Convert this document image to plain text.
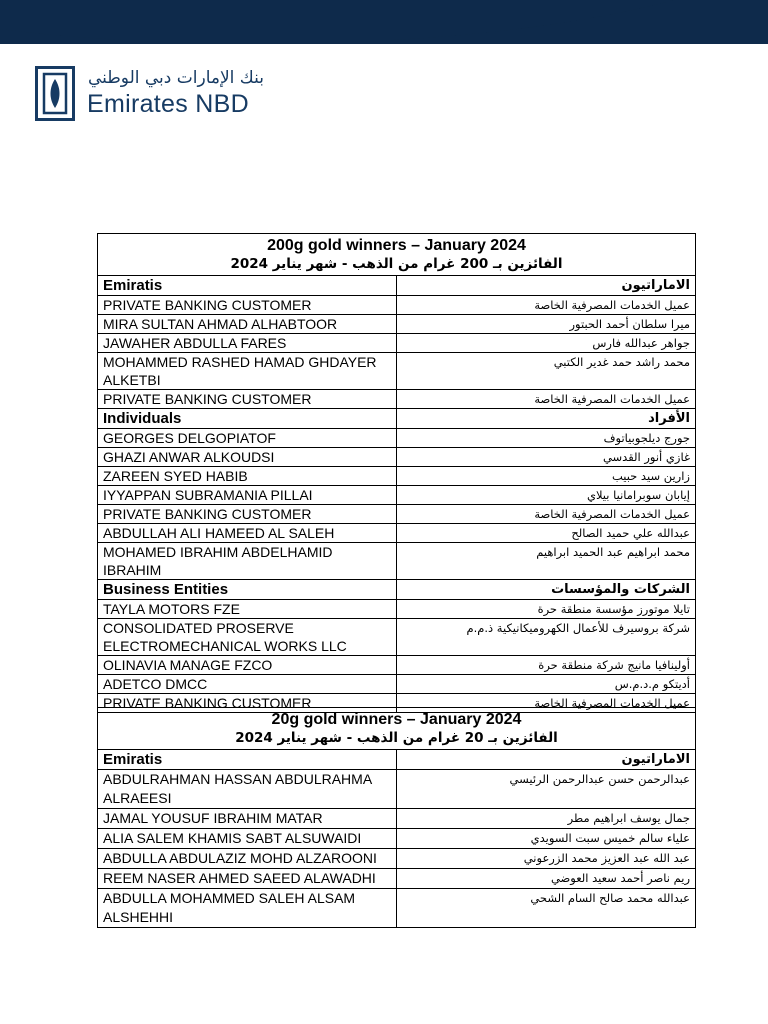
بنك الإمارات دبي الوطني
Emirates NBD
200g gold winners – January 2024
الفائزين بـ 200 غرام من الذهب - شهر يناير 2024	

Emiratis	الاماراتيون
PRIVATE BANKING CUSTOMER	عميل الخدمات المصرفية الخاصة
MIRA SULTAN AHMAD ALHABTOOR	ميرا سلطان أحمد الحبتور
JAWAHER ABDULLA FARES	جواهر عبدالله فارس
MOHAMMED RASHED HAMAD GHDAYER ALKETBI	محمد راشد حمد غدير الكتبي
PRIVATE BANKING CUSTOMER	عميل الخدمات المصرفية الخاصة
Individuals	الأفراد
GEORGES DELGOPIATOF	جورج ديلجوبياتوف
GHAZI ANWAR ALKOUDSI	غازي أنور القدسي
ZAREEN SYED HABIB	زارين سيد حبيب
IYYAPPAN SUBRAMANIA PILLAI	إيابان سوبرامانيا بيلاي
PRIVATE BANKING CUSTOMER	عميل الخدمات المصرفية الخاصة
ABDULLAH ALI HAMEED AL SALEH	عبدالله علي حميد الصالح
MOHAMED IBRAHIM ABDELHAMID IBRAHIM	محمد ابراهيم عبد الحميد ابراهيم
Business Entities	الشركات والمؤسسات
TAYLA MOTORS FZE	تايلا موتورز مؤسسة منطقة حرة
CONSOLIDATED PROSERVE ELECTROMECHANICAL WORKS LLC	شركة بروسيرف للأعمال الكهروميكانيكية ذ.م.م
OLINAVIA MANAGE FZCO	أولينافيا مانيج شركة منطقة حرة
ADETCO DMCC	أديتكو م.د.م.س
PRIVATE BANKING CUSTOMER	عميل الخدمات المصرفية الخاصة
20g gold winners – January 2024
الفائزين بـ 20 غرام من الذهب - شهر يناير 2024	

Emiratis	الاماراتيون
ABDULRAHMAN HASSAN ABDULRAHMA ALRAEESI	عبدالرحمن حسن عبدالرحمن الرئيسي
JAMAL YOUSUF IBRAHIM MATAR	جمال يوسف ابراهيم مطر
ALIA SALEM KHAMIS SABT ALSUWAIDI	علياء سالم خميس سبت السويدي
ABDULLA ABDULAZIZ MOHD ALZAROONI	عبد الله عبد العزيز محمد الزرعوني
REEM NASER AHMED SAEED ALAWADHI	ريم ناصر أحمد سعيد العوضي
ABDULLA MOHAMMED SALEH ALSAM ALSHEHHI	عبدالله محمد صالح السام الشحي
